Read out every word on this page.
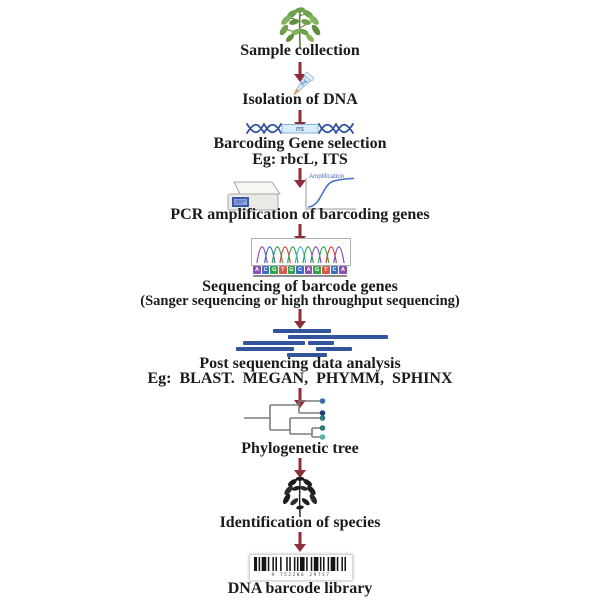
Sample collection
Isolation of DNA
ITS
Barcoding Gene selection
Eg: rbcL, ITS
Amplification
PCR amplification of barcoding genes
A C G T G C A G T C A
Sequencing of barcode genes
(Sanger sequencing or high throughput sequencing)
Post sequencing data analysis
Eg: BLAST. MEGAN, PHYMM, SPHINX
Phylogenetic tree
Identification of species
9 752286 29757
DNA barcode library
